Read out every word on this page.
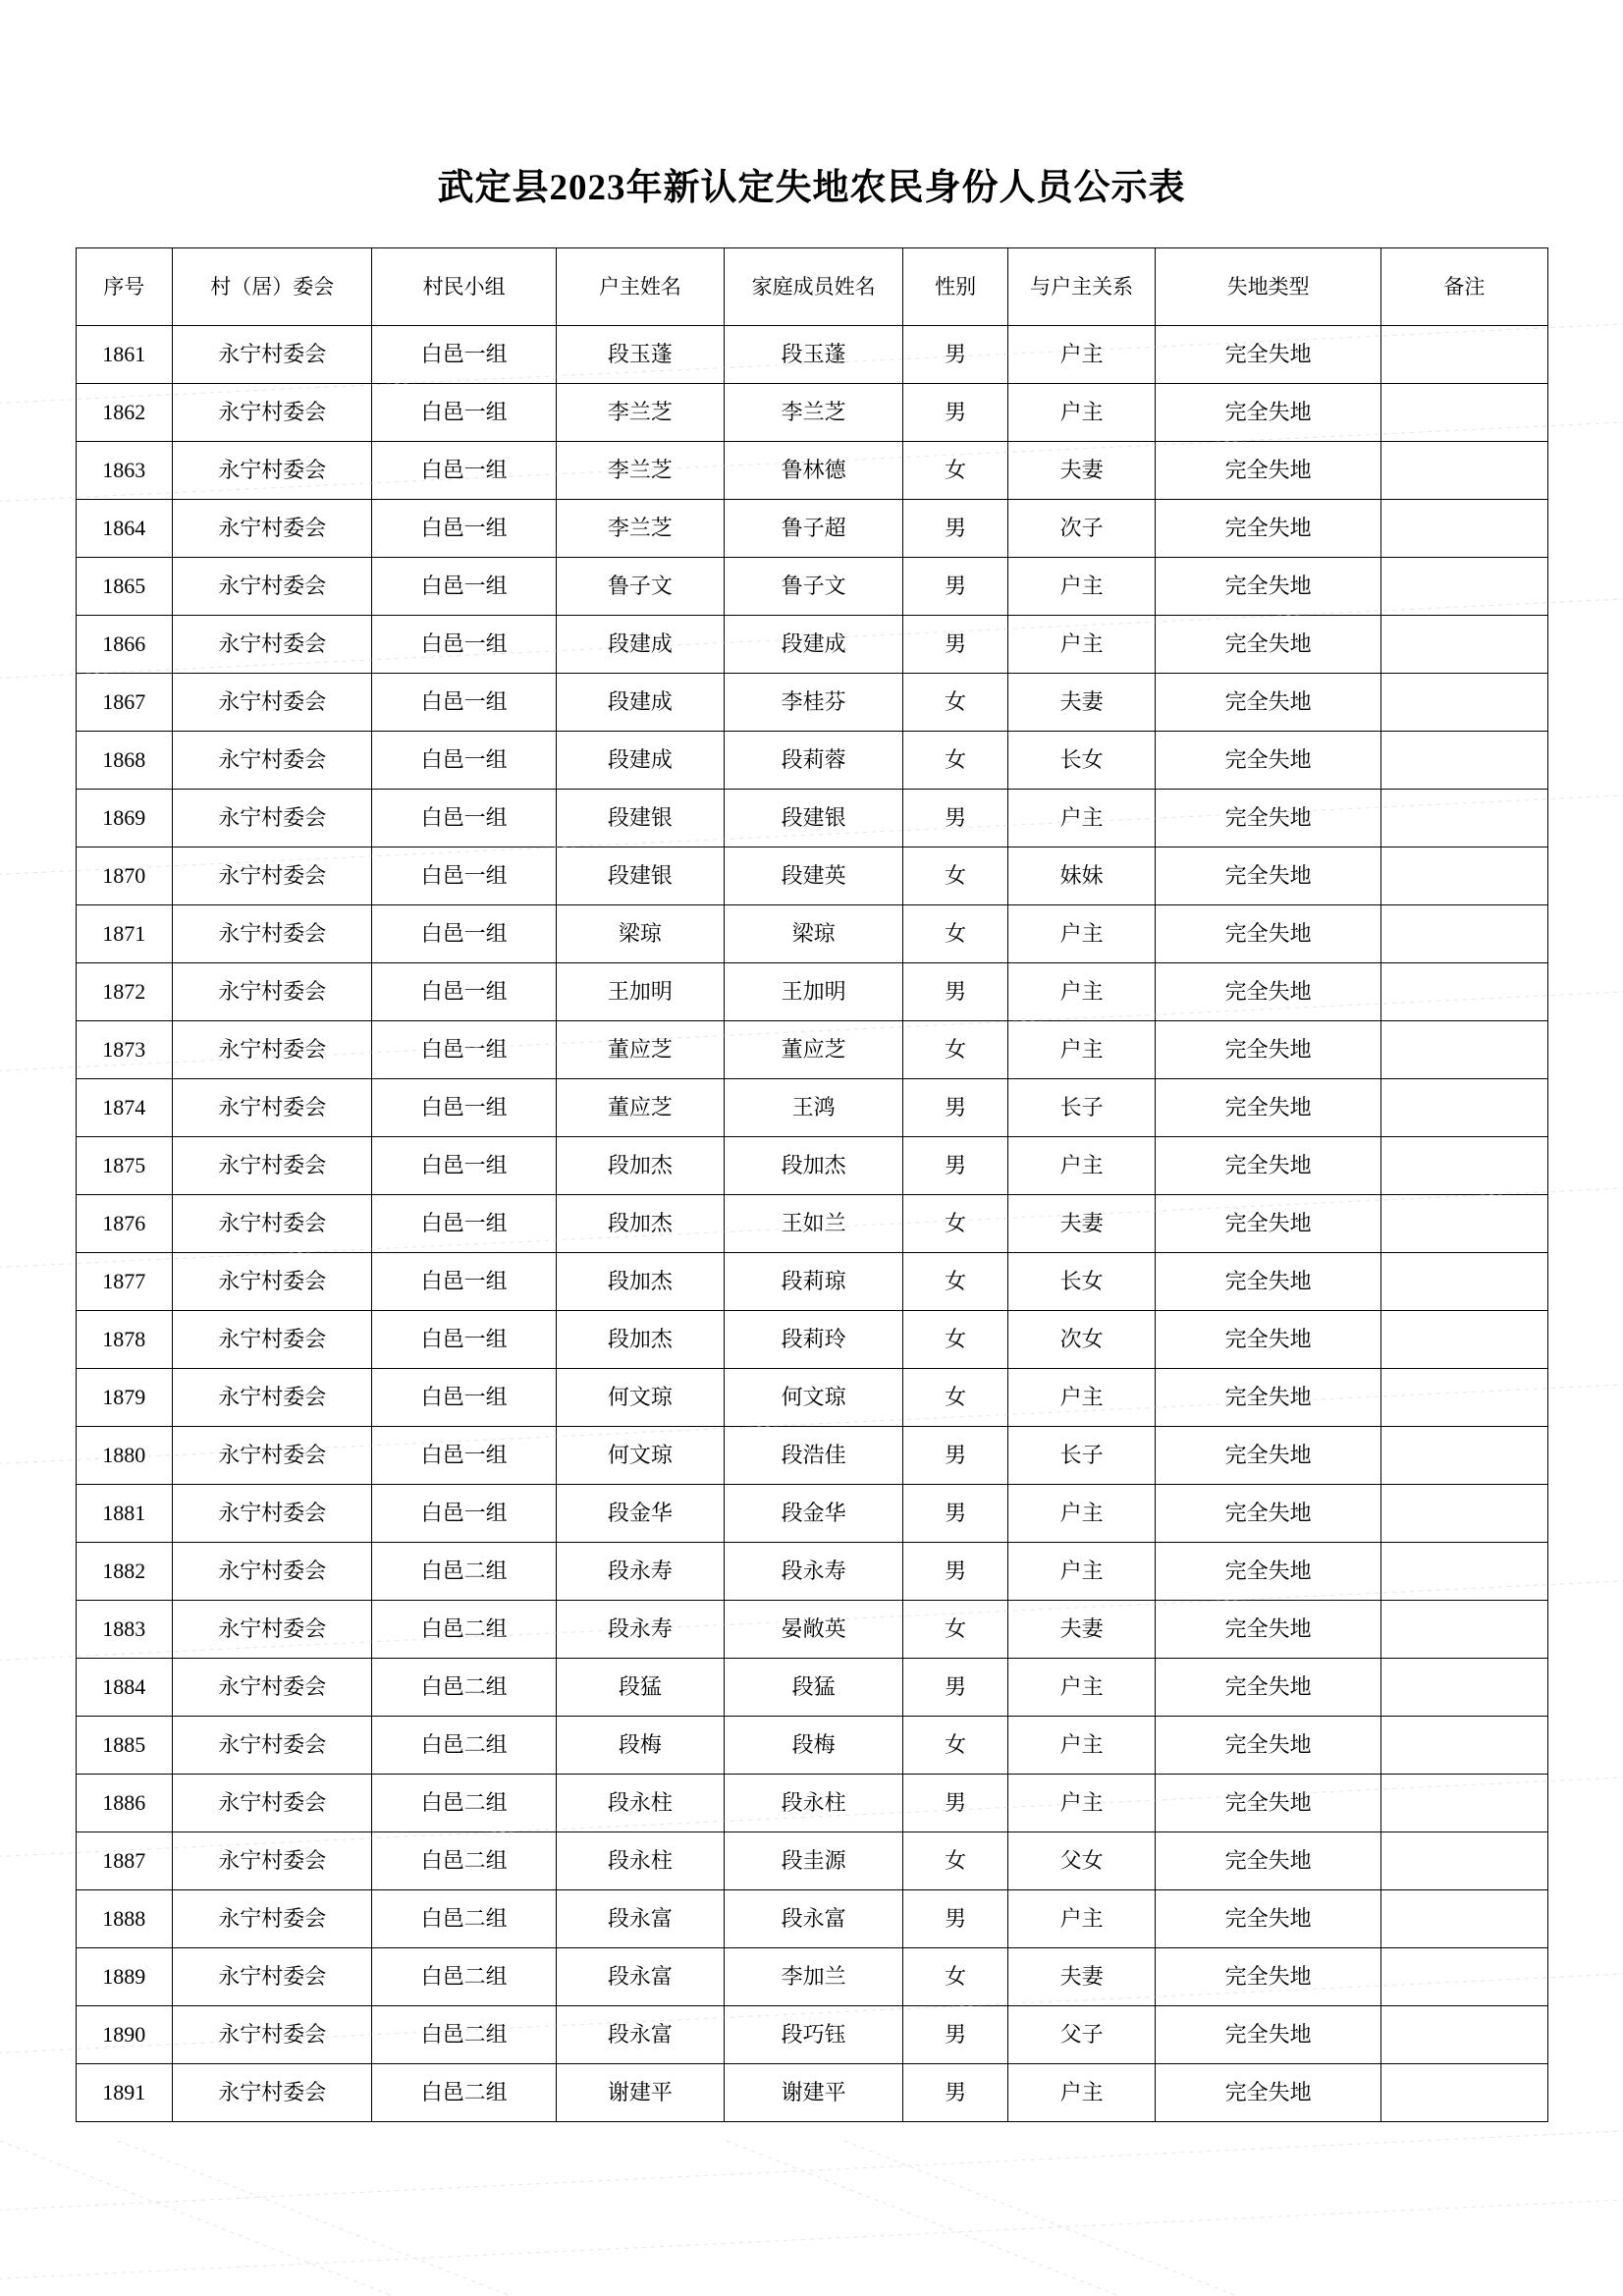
武定县2023年新认定失地农民身份人员公示表
序号	村（居）委会	村民小组	户主姓名	家庭成员姓名	性别	与户主关系	失地类型	备注
1861	永宁村委会	白邑一组	段玉蓬	段玉蓬	男	户主	完全失地	
1862	永宁村委会	白邑一组	李兰芝	李兰芝	男	户主	完全失地	
1863	永宁村委会	白邑一组	李兰芝	鲁林德	女	夫妻	完全失地	
1864	永宁村委会	白邑一组	李兰芝	鲁子超	男	次子	完全失地	
1865	永宁村委会	白邑一组	鲁子文	鲁子文	男	户主	完全失地	
1866	永宁村委会	白邑一组	段建成	段建成	男	户主	完全失地	
1867	永宁村委会	白邑一组	段建成	李桂芬	女	夫妻	完全失地	
1868	永宁村委会	白邑一组	段建成	段莉蓉	女	长女	完全失地	
1869	永宁村委会	白邑一组	段建银	段建银	男	户主	完全失地	
1870	永宁村委会	白邑一组	段建银	段建英	女	妹妹	完全失地	
1871	永宁村委会	白邑一组	梁琼	梁琼	女	户主	完全失地	
1872	永宁村委会	白邑一组	王加明	王加明	男	户主	完全失地	
1873	永宁村委会	白邑一组	董应芝	董应芝	女	户主	完全失地	
1874	永宁村委会	白邑一组	董应芝	王鸿	男	长子	完全失地	
1875	永宁村委会	白邑一组	段加杰	段加杰	男	户主	完全失地	
1876	永宁村委会	白邑一组	段加杰	王如兰	女	夫妻	完全失地	
1877	永宁村委会	白邑一组	段加杰	段莉琼	女	长女	完全失地	
1878	永宁村委会	白邑一组	段加杰	段莉玲	女	次女	完全失地	
1879	永宁村委会	白邑一组	何文琼	何文琼	女	户主	完全失地	
1880	永宁村委会	白邑一组	何文琼	段浩佳	男	长子	完全失地	
1881	永宁村委会	白邑一组	段金华	段金华	男	户主	完全失地	
1882	永宁村委会	白邑二组	段永寿	段永寿	男	户主	完全失地	
1883	永宁村委会	白邑二组	段永寿	晏敞英	女	夫妻	完全失地	
1884	永宁村委会	白邑二组	段猛	段猛	男	户主	完全失地	
1885	永宁村委会	白邑二组	段梅	段梅	女	户主	完全失地	
1886	永宁村委会	白邑二组	段永柱	段永柱	男	户主	完全失地	
1887	永宁村委会	白邑二组	段永柱	段圭源	女	父女	完全失地	
1888	永宁村委会	白邑二组	段永富	段永富	男	户主	完全失地	
1889	永宁村委会	白邑二组	段永富	李加兰	女	夫妻	完全失地	
1890	永宁村委会	白邑二组	段永富	段巧钰	男	父子	完全失地	
1891	永宁村委会	白邑二组	谢建平	谢建平	男	户主	完全失地	
